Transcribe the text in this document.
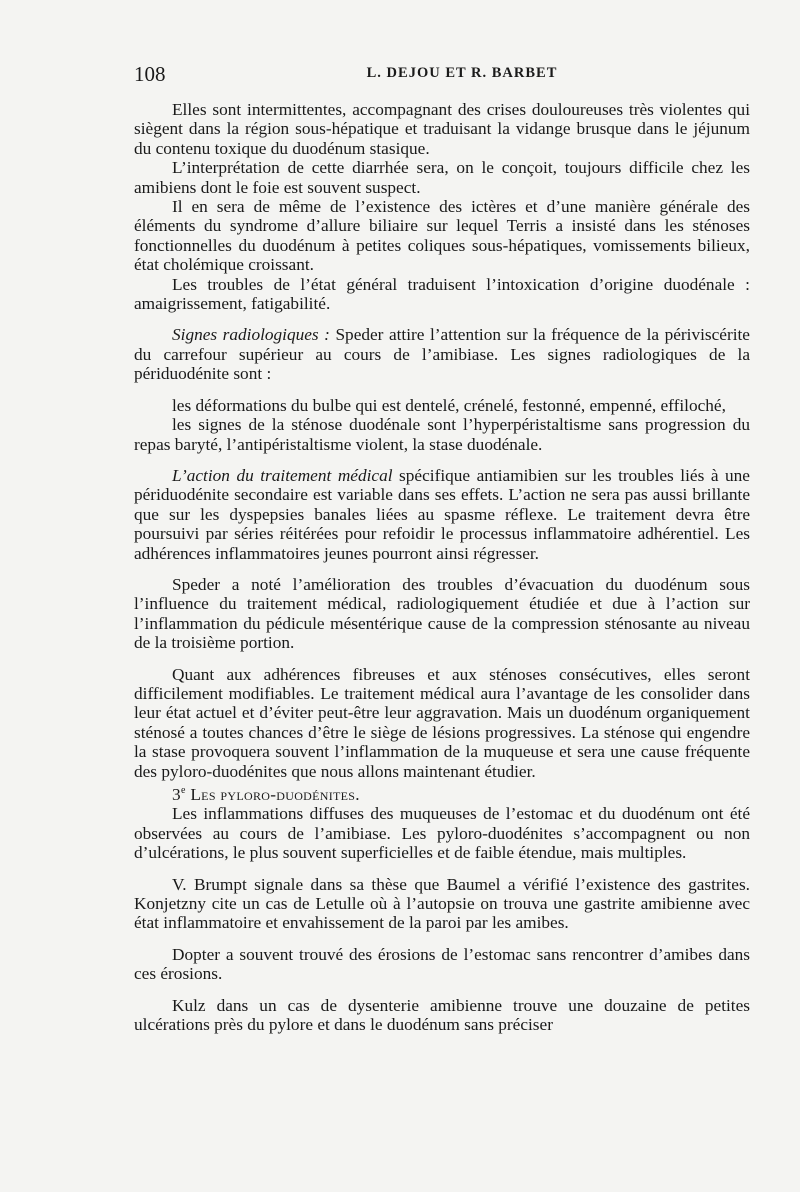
108	L. DEJOU ET R. BARBET

Elles sont intermittentes, accompagnant des crises douloureuses très violentes qui siègent dans la région sous-hépatique et traduisant la vidange brusque dans le jéjunum du contenu toxique du duodénum stasique.

L’interprétation de cette diarrhée sera, on le conçoit, toujours difficile chez les amibiens dont le foie est souvent suspect.

Il en sera de même de l’existence des ictères et d’une manière générale des éléments du syndrome d’allure biliaire sur lequel Terris a insisté dans les sténoses fonctionnelles du duodénum à petites coliques sous-hépatiques, vomissements bilieux, état cholémique croissant.

Les troubles de l’état général traduisent l’intoxication d’origine duodénale : amaigrissement, fatigabilité.

Signes radiologiques : Speder attire l’attention sur la fréquence de la périviscérite du carrefour supérieur au cours de l’amibiase. Les signes radiologiques de la périduodénite sont :

les déformations du bulbe qui est dentelé, crénelé, festonné, empenné, effiloché,

les signes de la sténose duodénale sont l’hyperpéristaltisme sans progression du repas baryté, l’antipéristaltisme violent, la stase duodénale.

L’action du traitement médical spécifique antiamibien sur les troubles liés à une périduodénite secondaire est variable dans ses effets. L’action ne sera pas aussi brillante que sur les dyspepsies banales liées au spasme réflexe. Le traitement devra être poursuivi par séries réitérées pour refoidir le processus inflammatoire adhérentiel. Les adhérences inflammatoires jeunes pourront ainsi régresser.

Speder a noté l’amélioration des troubles d’évacuation du duodénum sous l’influence du traitement médical, radiologiquement étudiée et due à l’action sur l’inflammation du pédicule mésentérique cause de la compression sténosante au niveau de la troisième portion.

Quant aux adhérences fibreuses et aux sténoses consécutives, elles seront difficilement modifiables. Le traitement médical aura l’avantage de les consolider dans leur état actuel et d’éviter peut-être leur aggravation. Mais un duodénum organiquement sténosé a toutes chances d’être le siège de lésions progressives. La sténose qui engendre la stase provoquera souvent l’inflammation de la muqueuse et sera une cause fréquente des pyloro-duodénites que nous allons maintenant étudier.

3e Les pyloro-duodénites.

Les inflammations diffuses des muqueuses de l’estomac et du duodénum ont été observées au cours de l’amibiase. Les pyloro-duodénites s’accompagnent ou non d’ulcérations, le plus souvent superficielles et de faible étendue, mais multiples.

V. Brumpt signale dans sa thèse que Baumel a vérifié l’existence des gastrites. Konjetzny cite un cas de Letulle où à l’autopsie on trouva une gastrite amibienne avec état inflammatoire et envahissement de la paroi par les amibes.

Dopter a souvent trouvé des érosions de l’estomac sans rencontrer d’amibes dans ces érosions.

Kulz dans un cas de dysenterie amibienne trouve une douzaine de petites ulcérations près du pylore et dans le duodénum sans préciser
